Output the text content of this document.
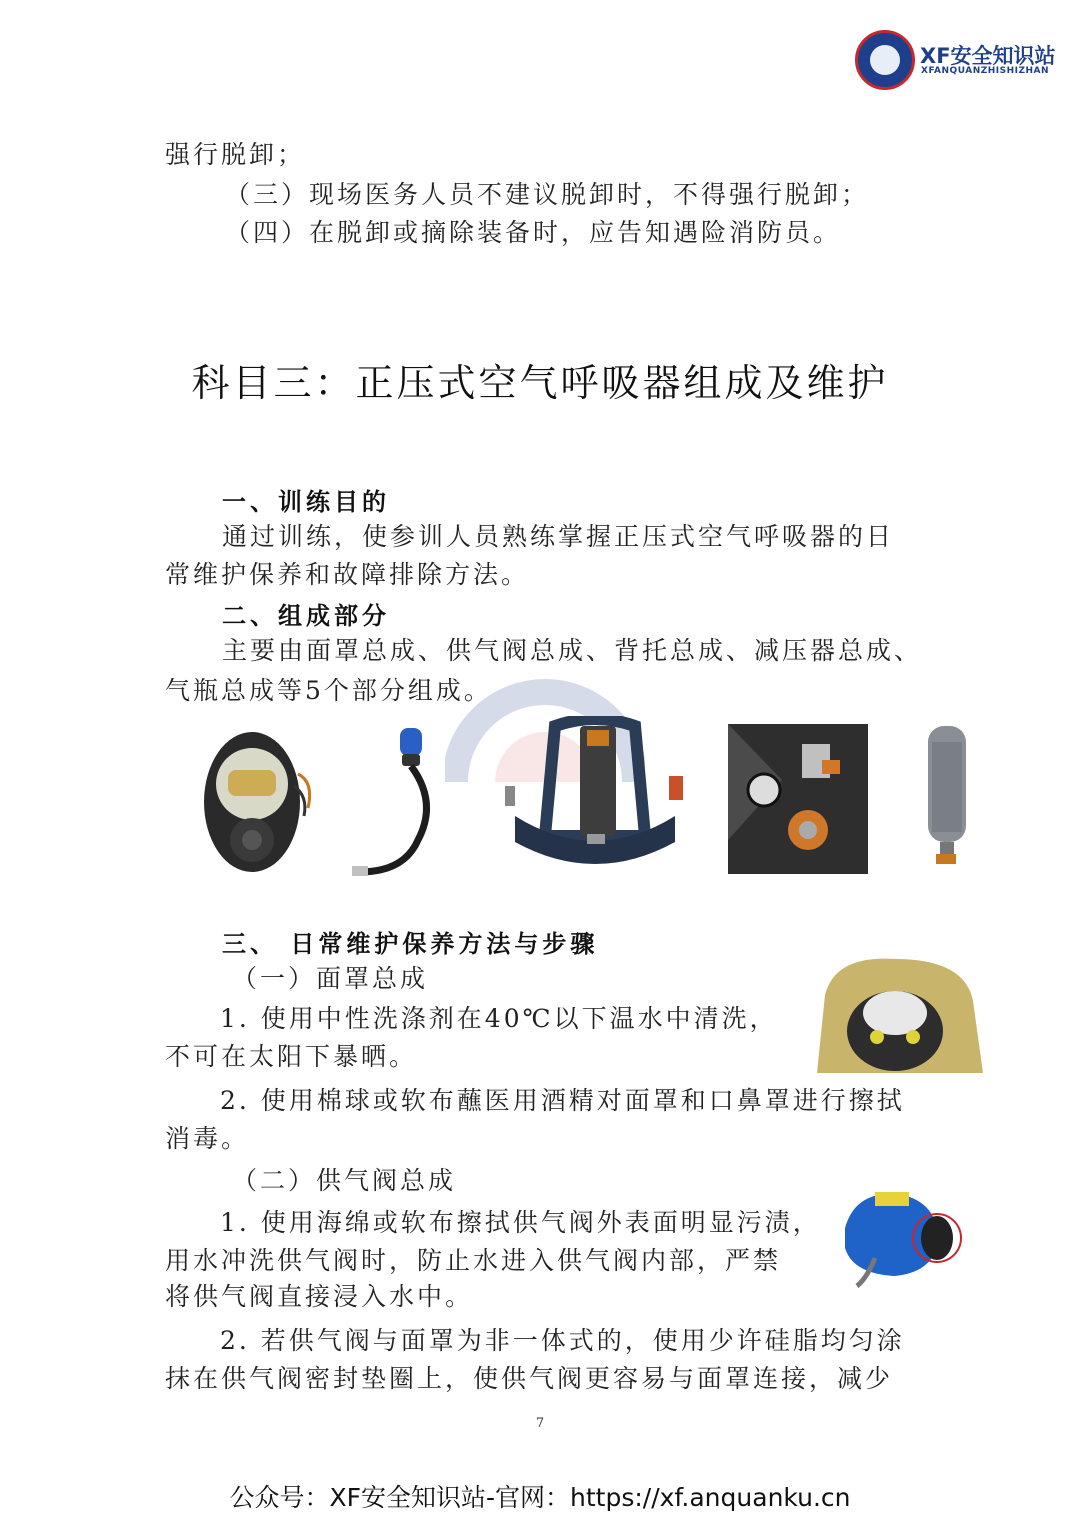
XF安全知识站
XFANQUANZHISHIZHAN
强行脱卸；
（三）现场医务人员不建议脱卸时，不得强行脱卸；
（四）在脱卸或摘除装备时，应告知遇险消防员。
科目三：正压式空气呼吸器组成及维护
一、训练目的
通过训练，使参训人员熟练掌握正压式空气呼吸器的日
常维护保养和故障排除方法。
二、组成部分
主要由面罩总成、供气阀总成、背托总成、减压器总成、
气瓶总成等5个部分组成。
三、 日常维护保养方法与步骤
（一）面罩总成
1. 使用中性洗涤剂在40℃以下温水中清洗，
不可在太阳下暴晒。
2. 使用棉球或软布蘸医用酒精对面罩和口鼻罩进行擦拭
消毒。
（二）供气阀总成
1. 使用海绵或软布擦拭供气阀外表面明显污渍，
用水冲洗供气阀时，防止水进入供气阀内部，严禁
将供气阀直接浸入水中。
2. 若供气阀与面罩为非一体式的，使用少许硅脂均匀涂
抹在供气阀密封垫圈上，使供气阀更容易与面罩连接，减少
7
公众号：XF安全知识站-官网：https://xf.anquanku.cn
